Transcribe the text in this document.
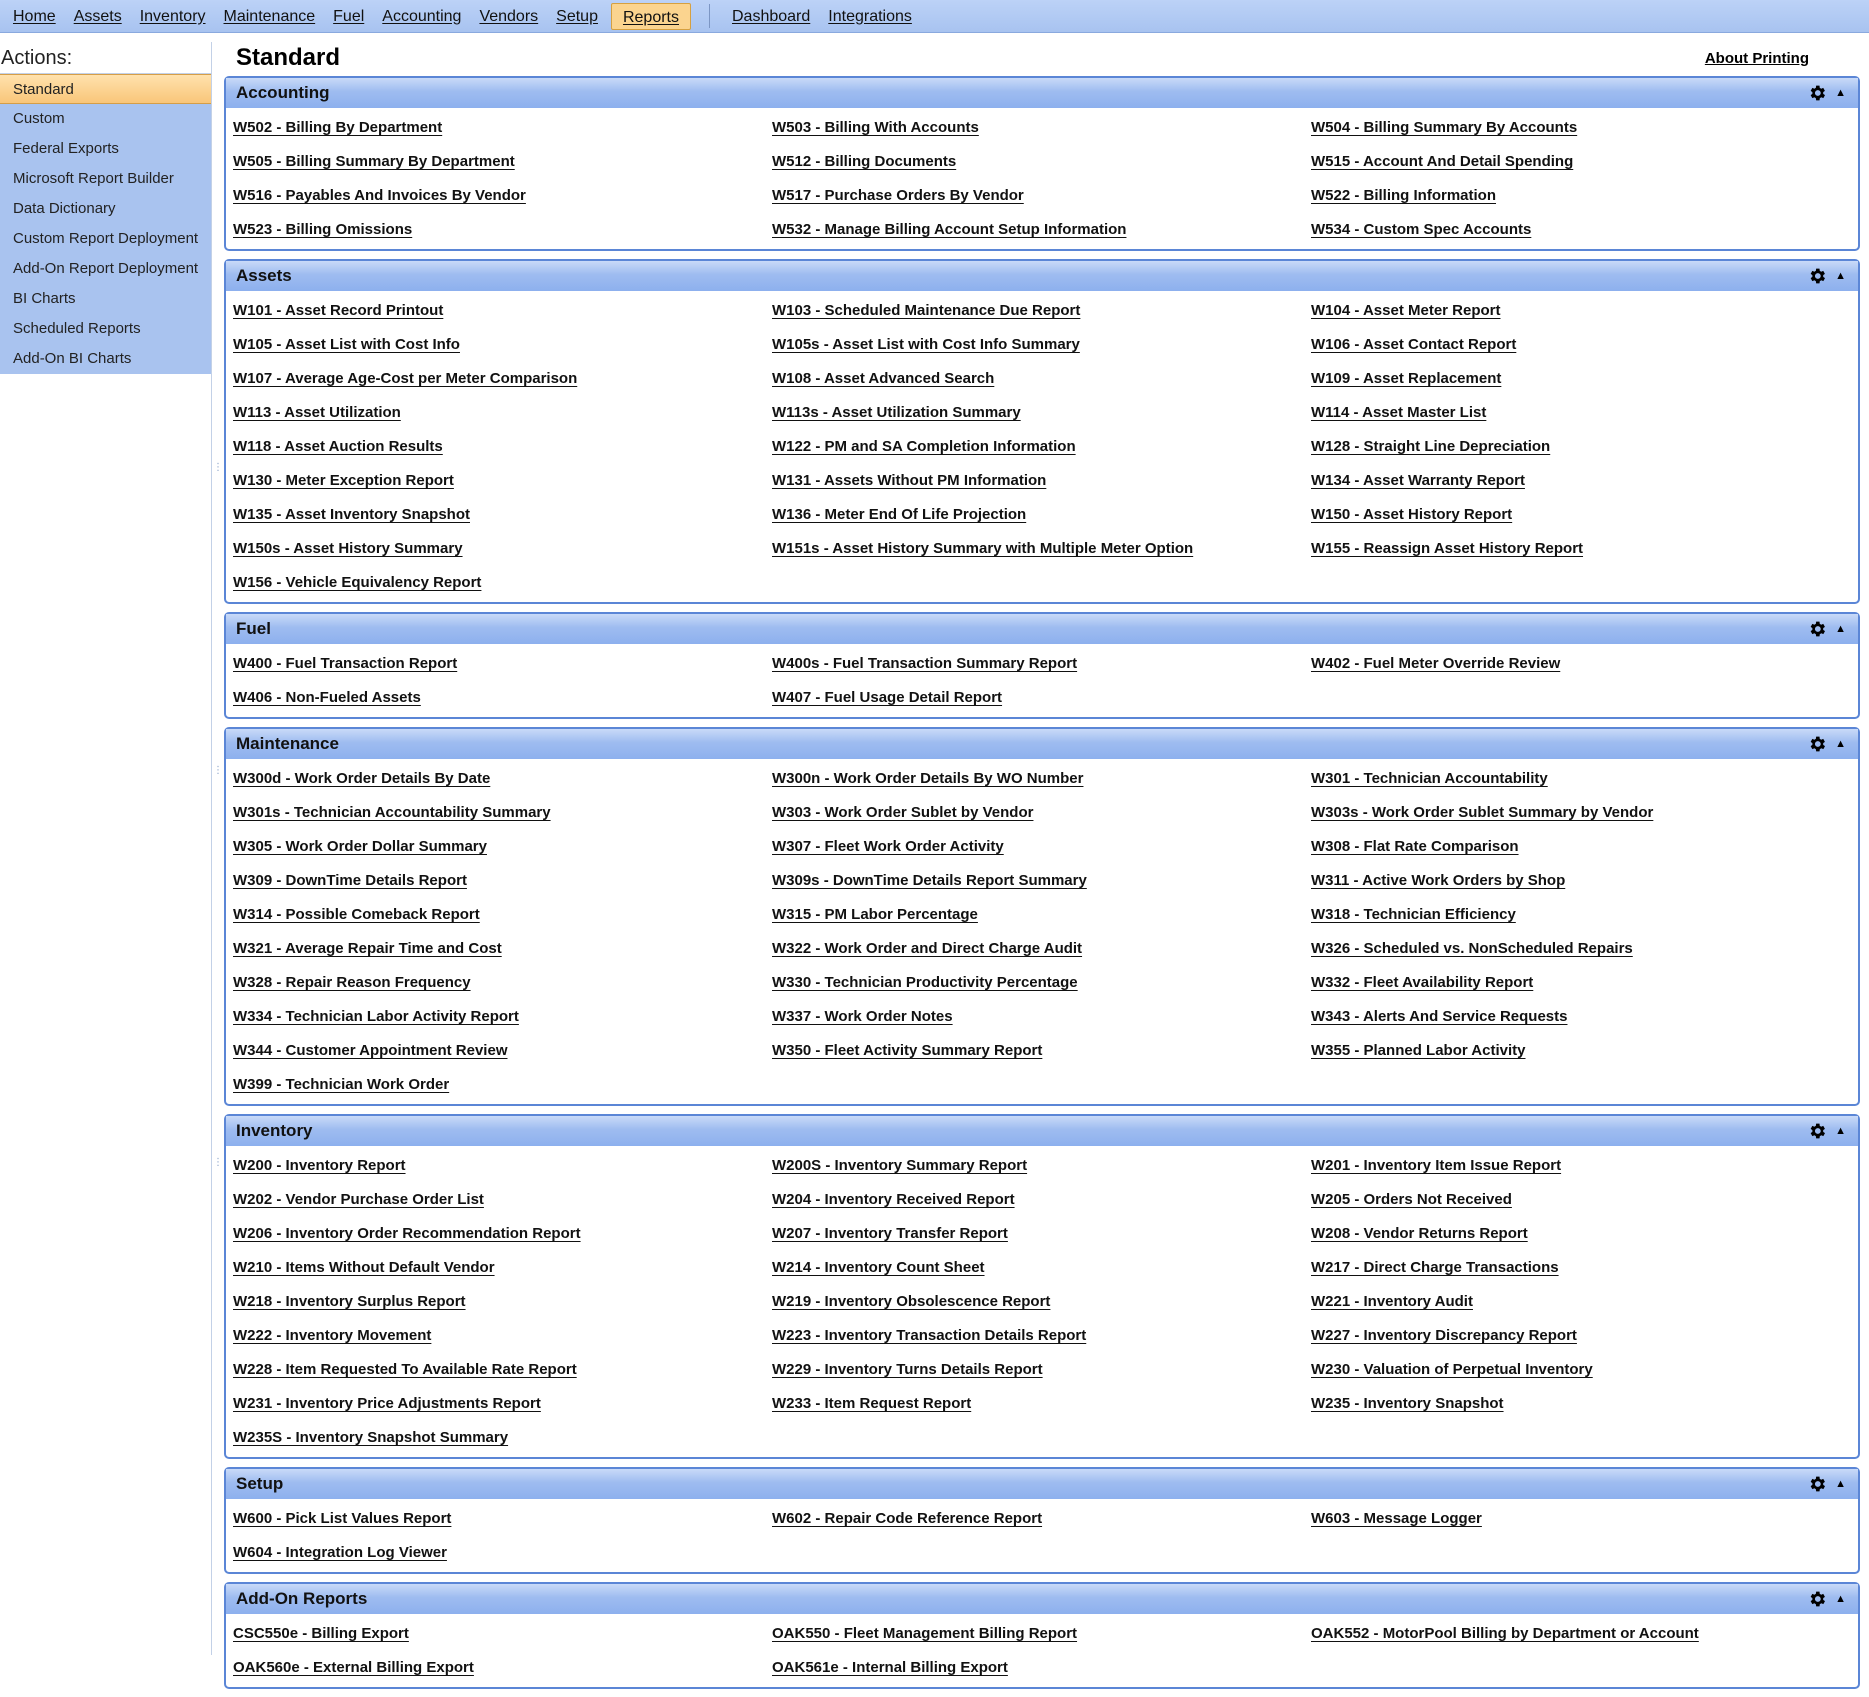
Home	Assets	Inventory	Maintenance	Fuel	Accounting	Vendors	Setup	Reports	Dashboard	Integrations
Actions:
Standard
Custom
Federal Exports
Microsoft Report Builder
Data Dictionary
Custom Report Deployment
Add-On Report Deployment
BI Charts
Scheduled Reports
Add-On BI Charts
⋮
⋮
⋮
Standard	About Printing
Accounting	▲
W502 - Billing By Department	W503 - Billing With Accounts	W504 - Billing Summary By Accounts
W505 - Billing Summary By Department	W512 - Billing Documents	W515 - Account And Detail Spending
W516 - Payables And Invoices By Vendor	W517 - Purchase Orders By Vendor	W522 - Billing Information
W523 - Billing Omissions	W532 - Manage Billing Account Setup Information	W534 - Custom Spec Accounts
Assets	▲
W101 - Asset Record Printout	W103 - Scheduled Maintenance Due Report	W104 - Asset Meter Report
W105 - Asset List with Cost Info	W105s - Asset List with Cost Info Summary	W106 - Asset Contact Report
W107 - Average Age-Cost per Meter Comparison	W108 - Asset Advanced Search	W109 - Asset Replacement
W113 - Asset Utilization	W113s - Asset Utilization Summary	W114 - Asset Master List
W118 - Asset Auction Results	W122 - PM and SA Completion Information	W128 - Straight Line Depreciation
W130 - Meter Exception Report	W131 - Assets Without PM Information	W134 - Asset Warranty Report
W135 - Asset Inventory Snapshot	W136 - Meter End Of Life Projection	W150 - Asset History Report
W150s - Asset History Summary	W151s - Asset History Summary with Multiple Meter Option	W155 - Reassign Asset History Report
W156 - Vehicle Equivalency Report
Fuel	▲
W400 - Fuel Transaction Report	W400s - Fuel Transaction Summary Report	W402 - Fuel Meter Override Review
W406 - Non-Fueled Assets	W407 - Fuel Usage Detail Report
Maintenance	▲
W300d - Work Order Details By Date	W300n - Work Order Details By WO Number	W301 - Technician Accountability
W301s - Technician Accountability Summary	W303 - Work Order Sublet by Vendor	W303s - Work Order Sublet Summary by Vendor
W305 - Work Order Dollar Summary	W307 - Fleet Work Order Activity	W308 - Flat Rate Comparison
W309 - DownTime Details Report	W309s - DownTime Details Report Summary	W311 - Active Work Orders by Shop
W314 - Possible Comeback Report	W315 - PM Labor Percentage	W318 - Technician Efficiency
W321 - Average Repair Time and Cost	W322 - Work Order and Direct Charge Audit	W326 - Scheduled vs. NonScheduled Repairs
W328 - Repair Reason Frequency	W330 - Technician Productivity Percentage	W332 - Fleet Availability Report
W334 - Technician Labor Activity Report	W337 - Work Order Notes	W343 - Alerts And Service Requests
W344 - Customer Appointment Review	W350 - Fleet Activity Summary Report	W355 - Planned Labor Activity
W399 - Technician Work Order
Inventory	▲
W200 - Inventory Report	W200S - Inventory Summary Report	W201 - Inventory Item Issue Report
W202 - Vendor Purchase Order List	W204 - Inventory Received Report	W205 - Orders Not Received
W206 - Inventory Order Recommendation Report	W207 - Inventory Transfer Report	W208 - Vendor Returns Report
W210 - Items Without Default Vendor	W214 - Inventory Count Sheet	W217 - Direct Charge Transactions
W218 - Inventory Surplus Report	W219 - Inventory Obsolescence Report	W221 - Inventory Audit
W222 - Inventory Movement	W223 - Inventory Transaction Details Report	W227 - Inventory Discrepancy Report
W228 - Item Requested To Available Rate Report	W229 - Inventory Turns Details Report	W230 - Valuation of Perpetual Inventory
W231 - Inventory Price Adjustments Report	W233 - Item Request Report	W235 - Inventory Snapshot
W235S - Inventory Snapshot Summary
Setup	▲
W600 - Pick List Values Report	W602 - Repair Code Reference Report	W603 - Message Logger
W604 - Integration Log Viewer
Add-On Reports	▲
CSC550e - Billing Export	OAK550 - Fleet Management Billing Report	OAK552 - MotorPool Billing by Department or Account
OAK560e - External Billing Export	OAK561e - Internal Billing Export
